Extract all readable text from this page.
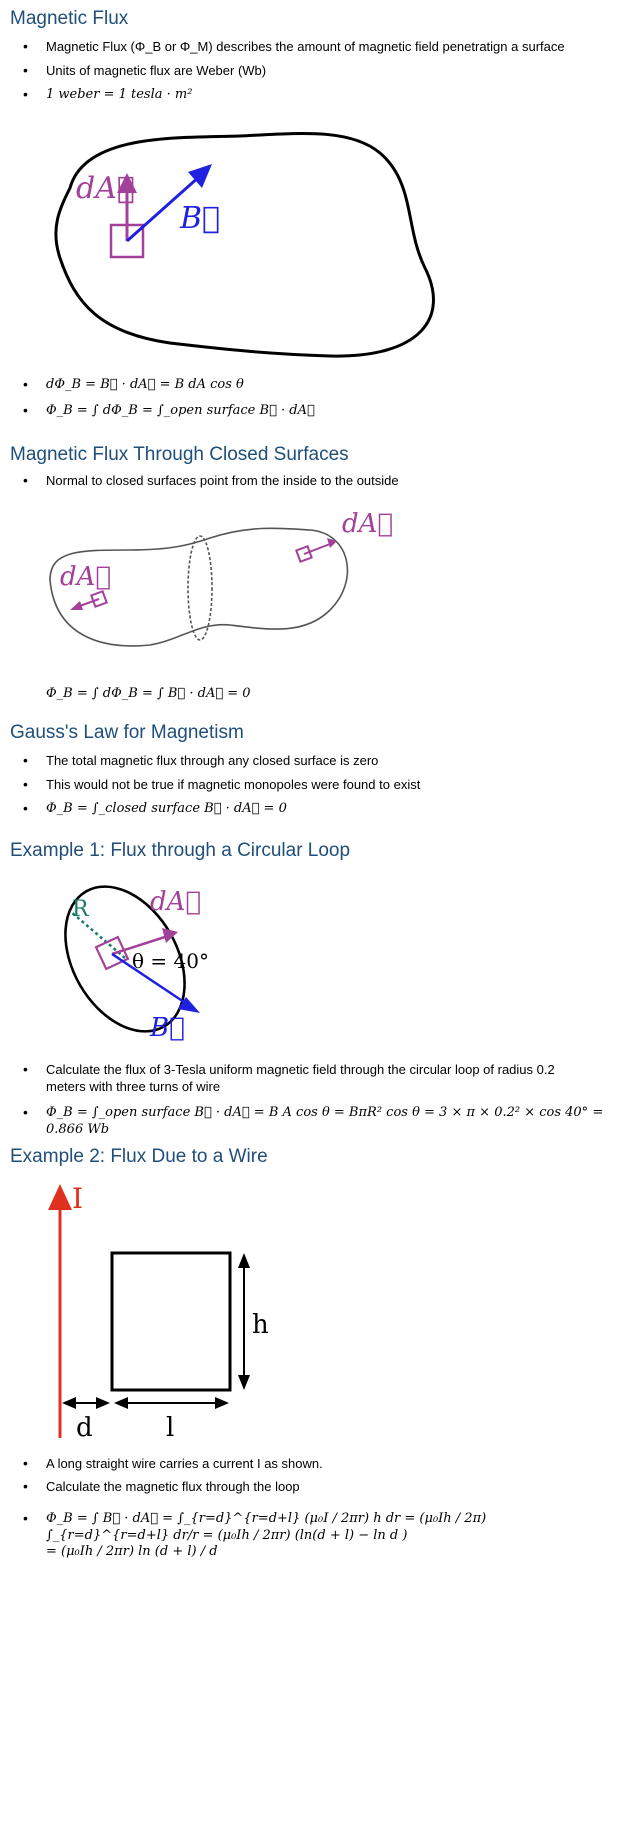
Magnetic Flux
• Magnetic Flux (Φ_B or Φ_M) describes the amount of magnetic field penetratign a surface
• Units of magnetic flux are Weber (Wb)
• 1 weber = 1 tesla · m²
dA⃗
B⃗
• dΦ_B = B⃗ · dA⃗ = B dA cos θ
• Φ_B = ∫ dΦ_B = ∫_open surface B⃗ · dA⃗
Magnetic Flux Through Closed Surfaces
• Normal to closed surfaces point from the inside to the outside
dA⃗
dA⃗
Φ_B = ∫ dΦ_B = ∫ B⃗ · dA⃗ = 0
Gauss's Law for Magnetism
• The total magnetic flux through any closed surface is zero
• This would not be true if magnetic monopoles were found to exist
• Φ_B = ∫_closed surface B⃗ · dA⃗ = 0
Example 1: Flux through a Circular Loop
R dA⃗
θ = 40°
B⃗
• Calculate the flux of 3-Tesla uniform magnetic field through the circular loop of radius 0.2 meters with three turns of wire
• Φ_B = ∫_open surface B⃗ · dA⃗ = B A cos θ = BπR² cos θ = 3 × π × 0.2² × cos 40° = 0.866 Wb
Example 2: Flux Due to a Wire
I
h
d	l
• A long straight wire carries a current I as shown.
• Calculate the magnetic flux through the loop
• Φ_B = ∫ B⃗ · dA⃗ = ∫_{r=d}^{r=d+l} (μ₀I / 2πr) h dr = (μ₀Ih / 2π) ∫_{r=d}^{r=d+l} dr/r = (μ₀Ih / 2πr) (ln(d + l) − ln d )
= (μ₀Ih / 2πr) ln (d + l) / d
